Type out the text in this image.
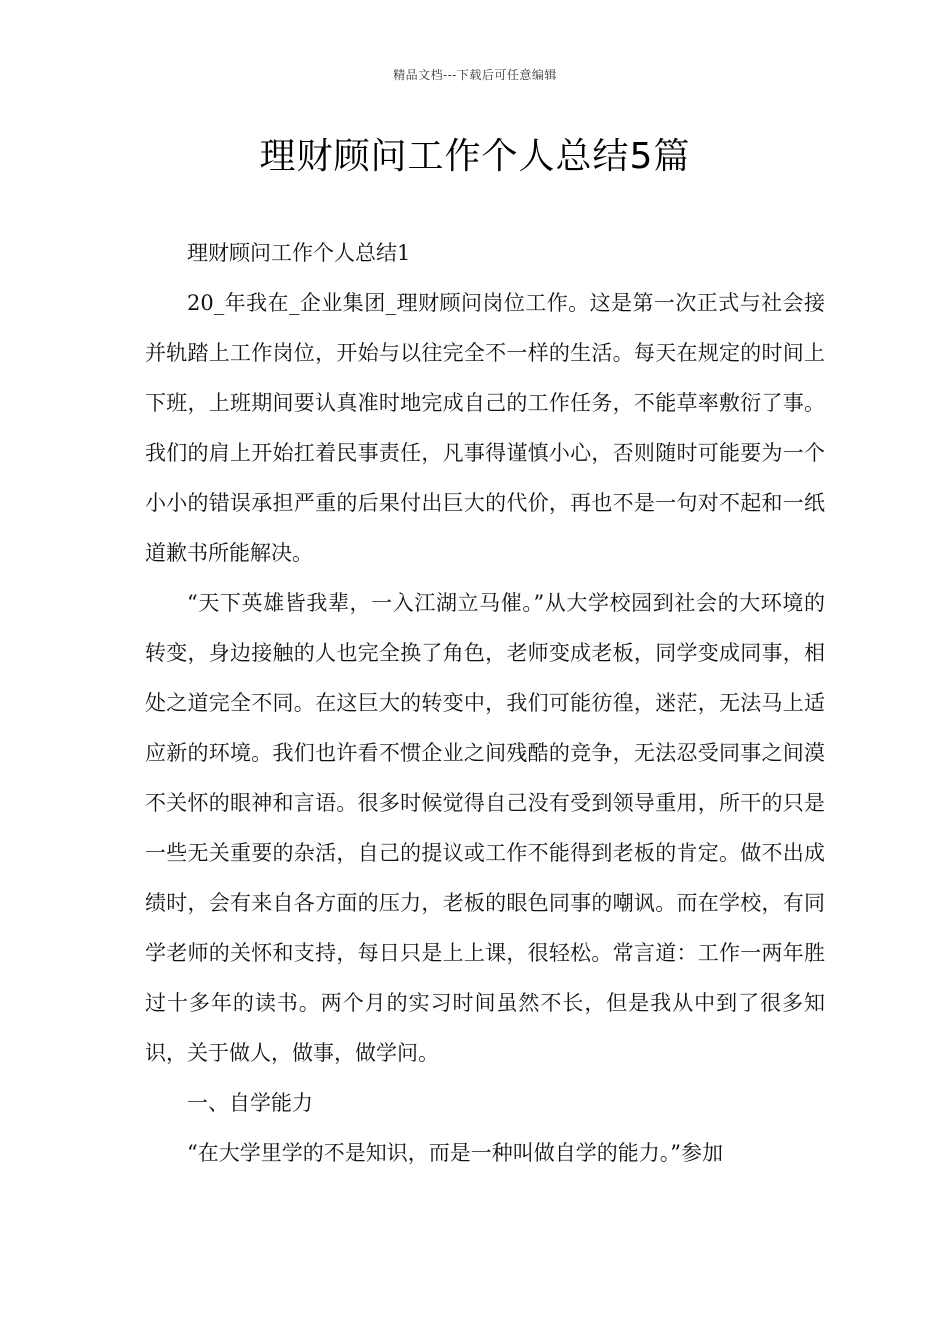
精品文档---下载后可任意编辑
理财顾问工作个人总结5篇

理财顾问工作个人总结1

20_年我在_企业集团_理财顾问岗位工作。这是第一次正式与社会接并轨踏上工作岗位，开始与以往完全不一样的生活。每天在规定的时间上下班，上班期间要认真准时地完成自己的工作任务，不能草率敷衍了事。我们的肩上开始扛着民事责任，凡事得谨慎小心，否则随时可能要为一个小小的错误承担严重的后果付出巨大的代价，再也不是一句对不起和一纸道歉书所能解决。

“天下英雄皆我辈，一入江湖立马催。”从大学校园到社会的大环境的转变，身边接触的人也完全换了角色，老师变成老板，同学变成同事，相处之道完全不同。在这巨大的转变中，我们可能彷徨，迷茫，无法马上适应新的环境。我们也许看不惯企业之间残酷的竞争，无法忍受同事之间漠不关怀的眼神和言语。很多时候觉得自己没有受到领导重用，所干的只是一些无关重要的杂活，自己的提议或工作不能得到老板的肯定。做不出成绩时，会有来自各方面的压力，老板的眼色同事的嘲讽。而在学校，有同学老师的关怀和支持，每日只是上上课，很轻松。常言道：工作一两年胜过十多年的读书。两个月的实习时间虽然不长，但是我从中到了很多知识，关于做人，做事，做学问。

一、自学能力

“在大学里学的不是知识，而是一种叫做自学的能力。”参加
